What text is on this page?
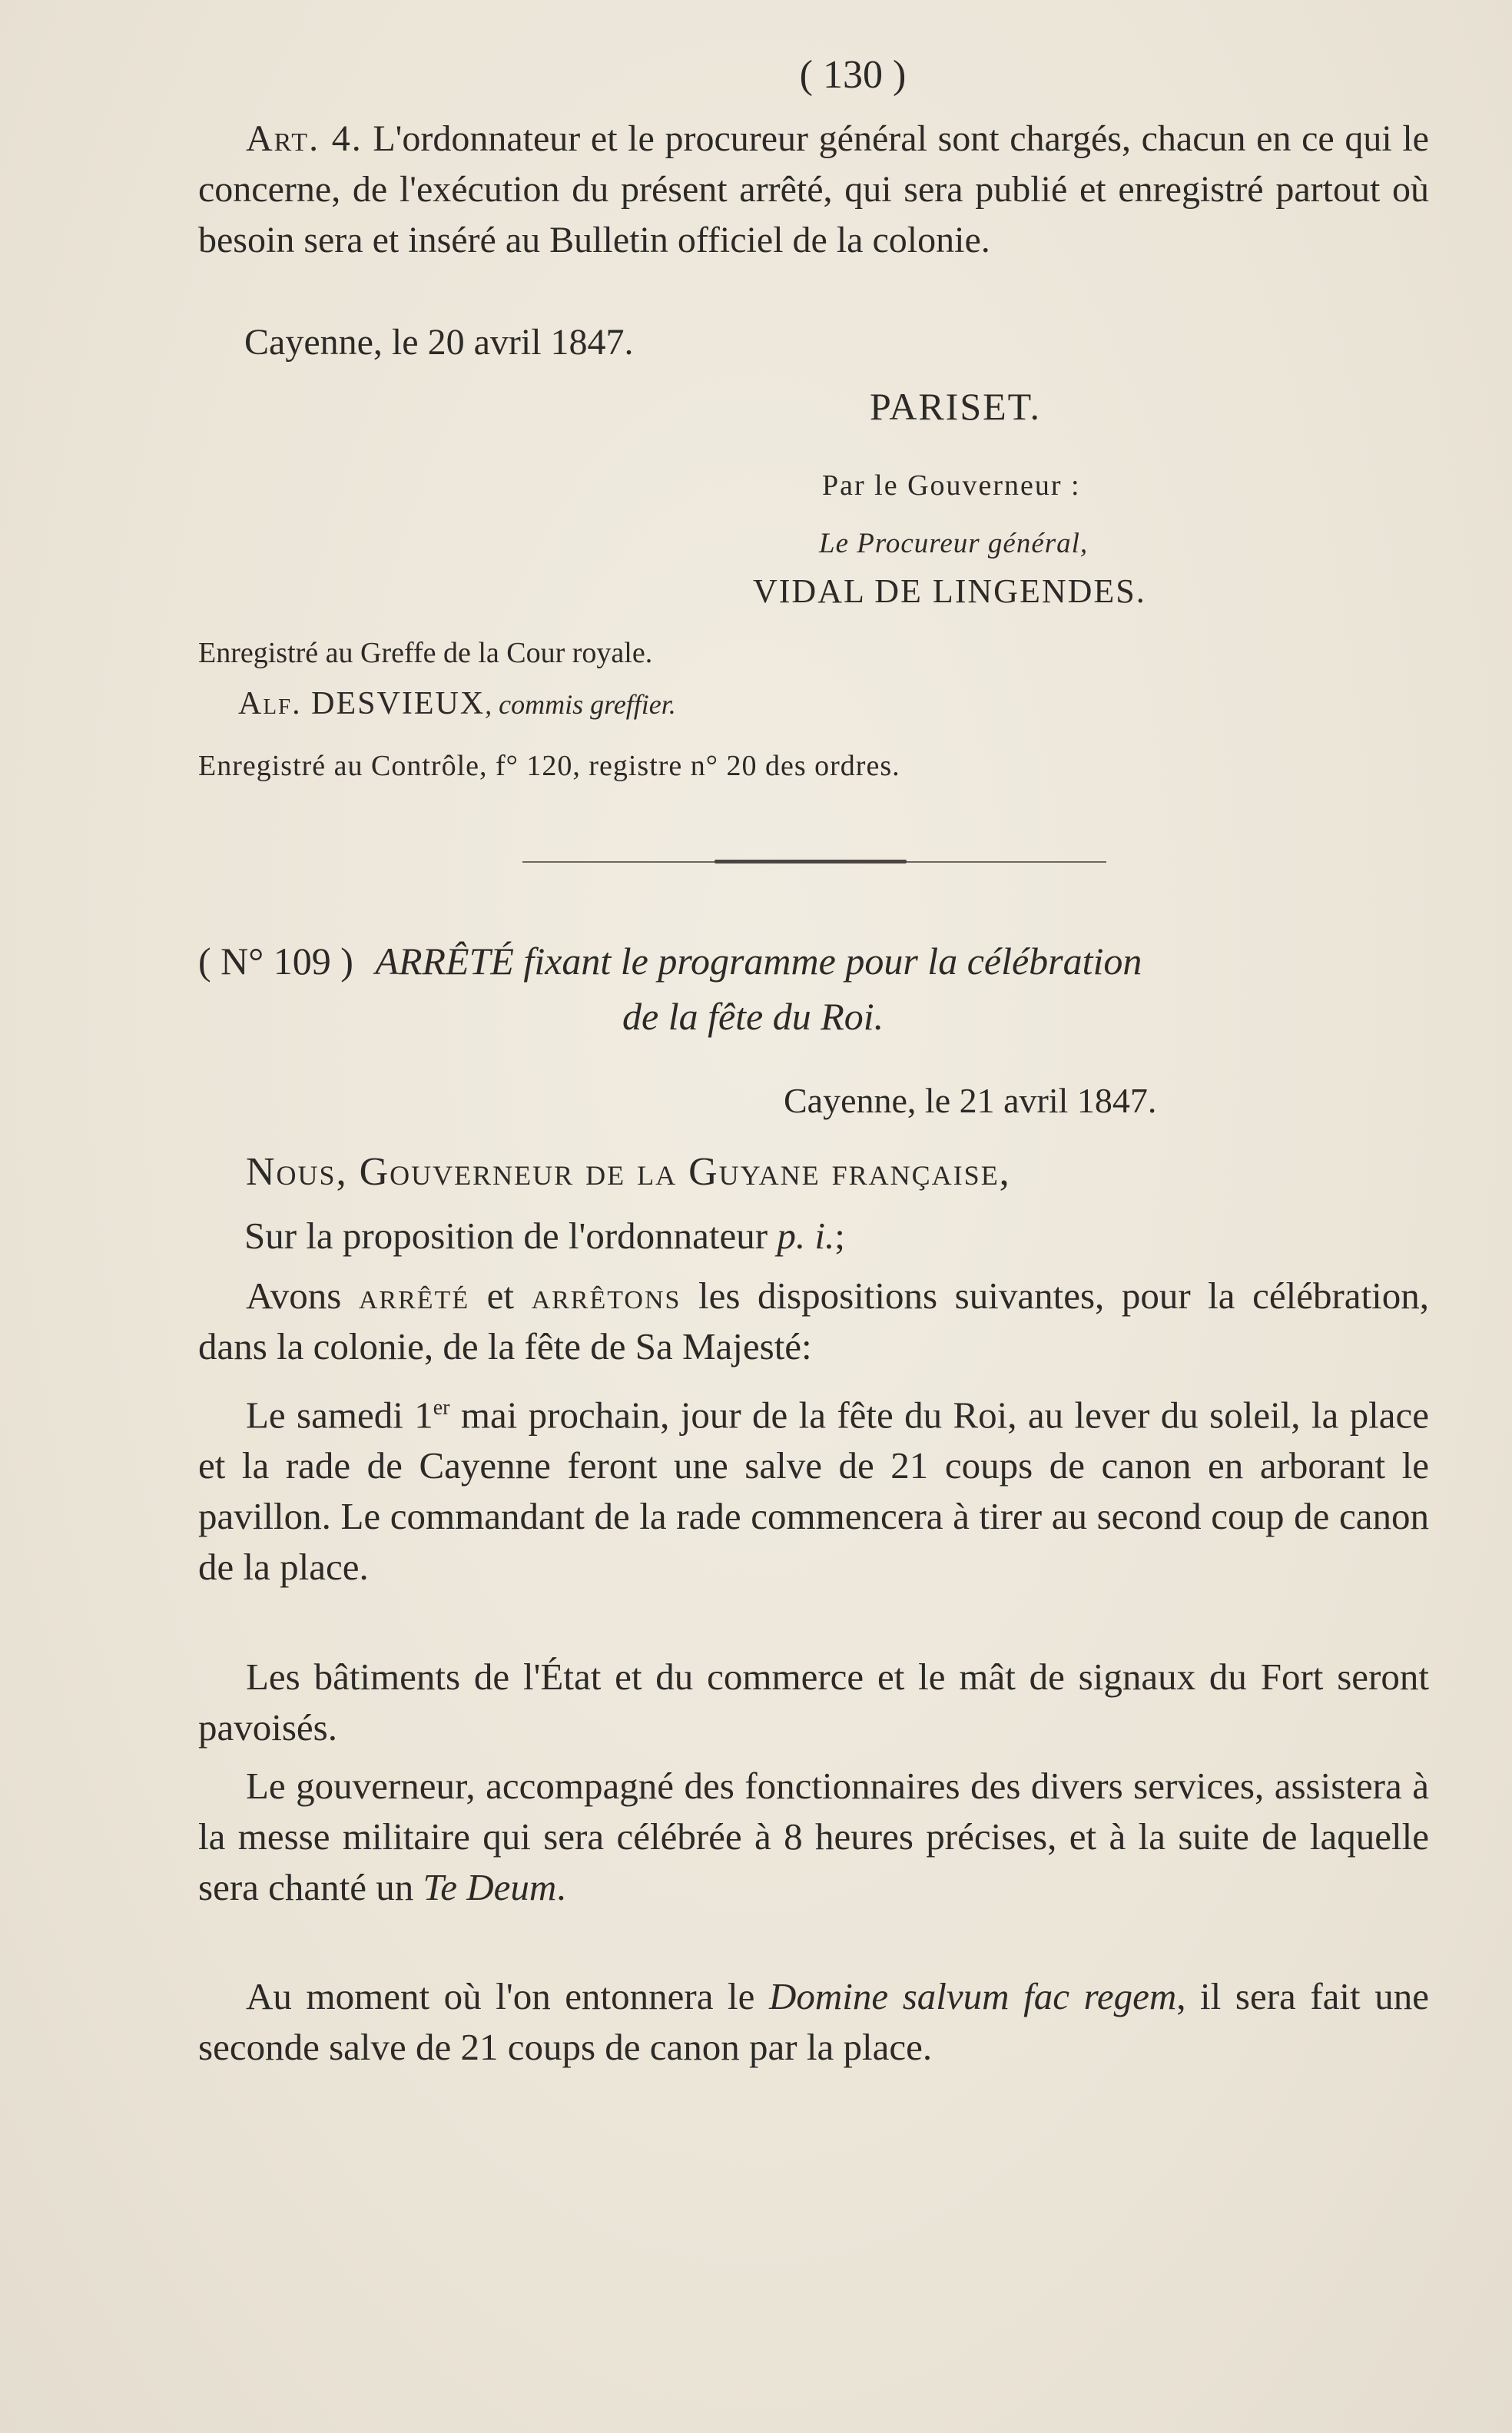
( 130 )
Art. 4. L'ordonnateur et le procureur général sont chargés, chacun en ce qui le concerne, de l'exécution du présent arrêté, qui sera publié et enregistré partout où besoin sera et inséré au Bulletin officiel de la colonie.
Cayenne, le 20 avril 1847.
PARISET.
Par le Gouverneur :
Le Procureur général,
VIDAL DE LINGENDES.
Enregistré au Greffe de la Cour royale.
Alf. DESVIEUX, commis greffier.
Enregistré au Contrôle, f° 120, registre n° 20 des ordres.
( N° 109 ) ARRÊTÉ fixant le programme pour la célébration
de la fête du Roi.
Cayenne, le 21 avril 1847.
Nous, Gouverneur de la Guyane française,
Sur la proposition de l'ordonnateur p. i.;
Avons arrêté et arrêtons les dispositions suivantes, pour la célébration, dans la colonie, de la fête de Sa Majesté:
Le samedi 1er mai prochain, jour de la fête du Roi, au lever du soleil, la place et la rade de Cayenne feront une salve de 21 coups de canon en arborant le pavillon. Le commandant de la rade commencera à tirer au second coup de canon de la place.
Les bâtiments de l'État et du commerce et le mât de signaux du Fort seront pavoisés.
Le gouverneur, accompagné des fonctionnaires des divers services, assistera à la messe militaire qui sera célébrée à 8 heures précises, et à la suite de laquelle sera chanté un Te Deum.
Au moment où l'on entonnera le Domine salvum fac regem, il sera fait une seconde salve de 21 coups de canon par la place.
